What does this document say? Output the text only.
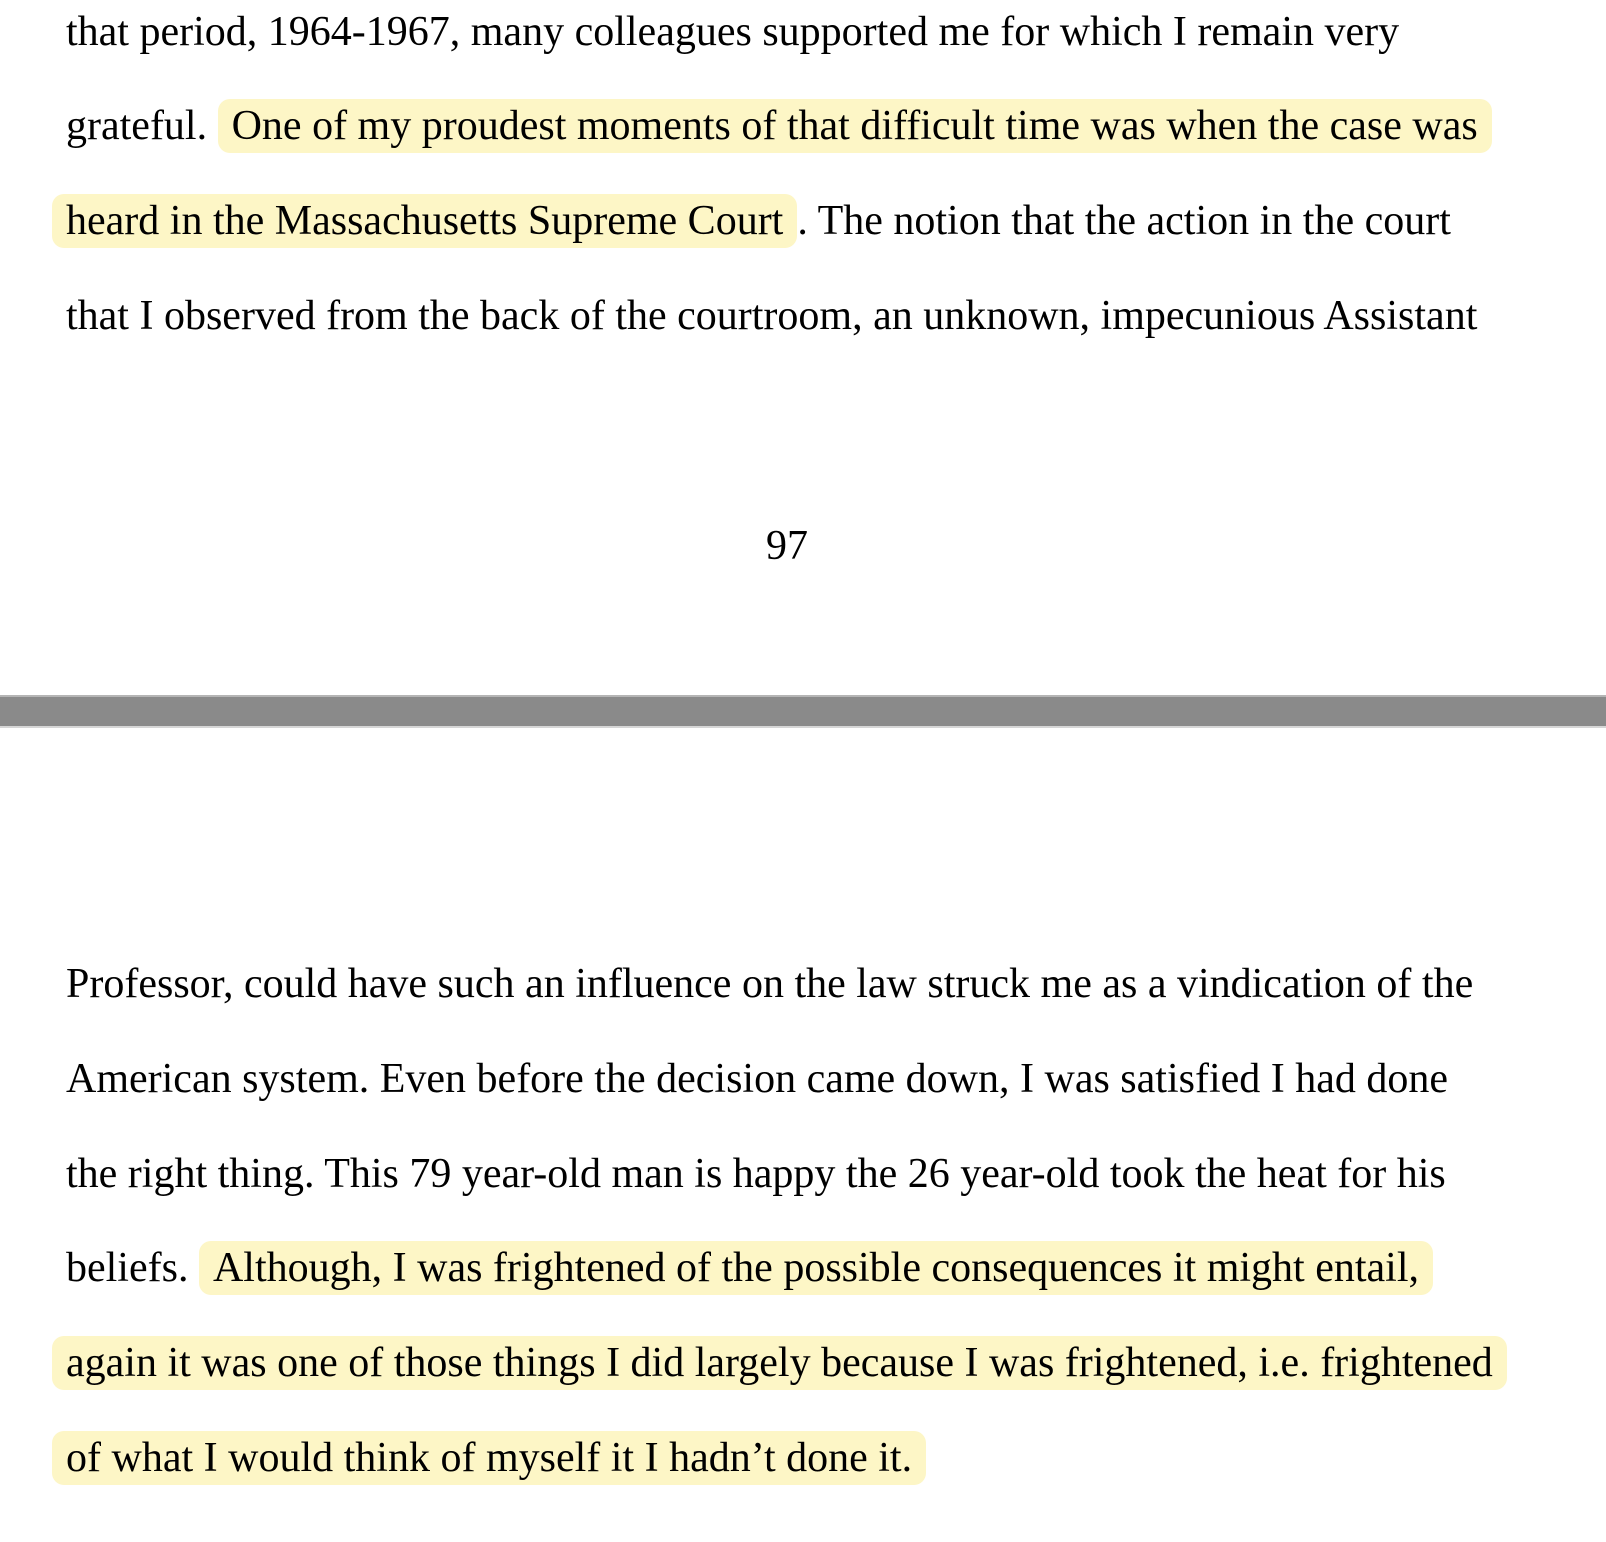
that period, 1964-1967, many colleagues supported me for which I remain very
grateful. One of my proudest moments of that difficult time was when the case was
heard in the Massachusetts Supreme Court . The notion that the action in the court
that I observed from the back of the courtroom, an unknown, impecunious Assistant
97
Professor, could have such an influence on the law struck me as a vindication of the
American system. Even before the decision came down, I was satisfied I had done
the right thing. This 79 year-old man is happy the 26 year-old took the heat for his
beliefs. Although, I was frightened of the possible consequences it might entail,
again it was one of those things I did largely because I was frightened, i.e. frightened
of what I would think of myself it I hadn’t done it.
